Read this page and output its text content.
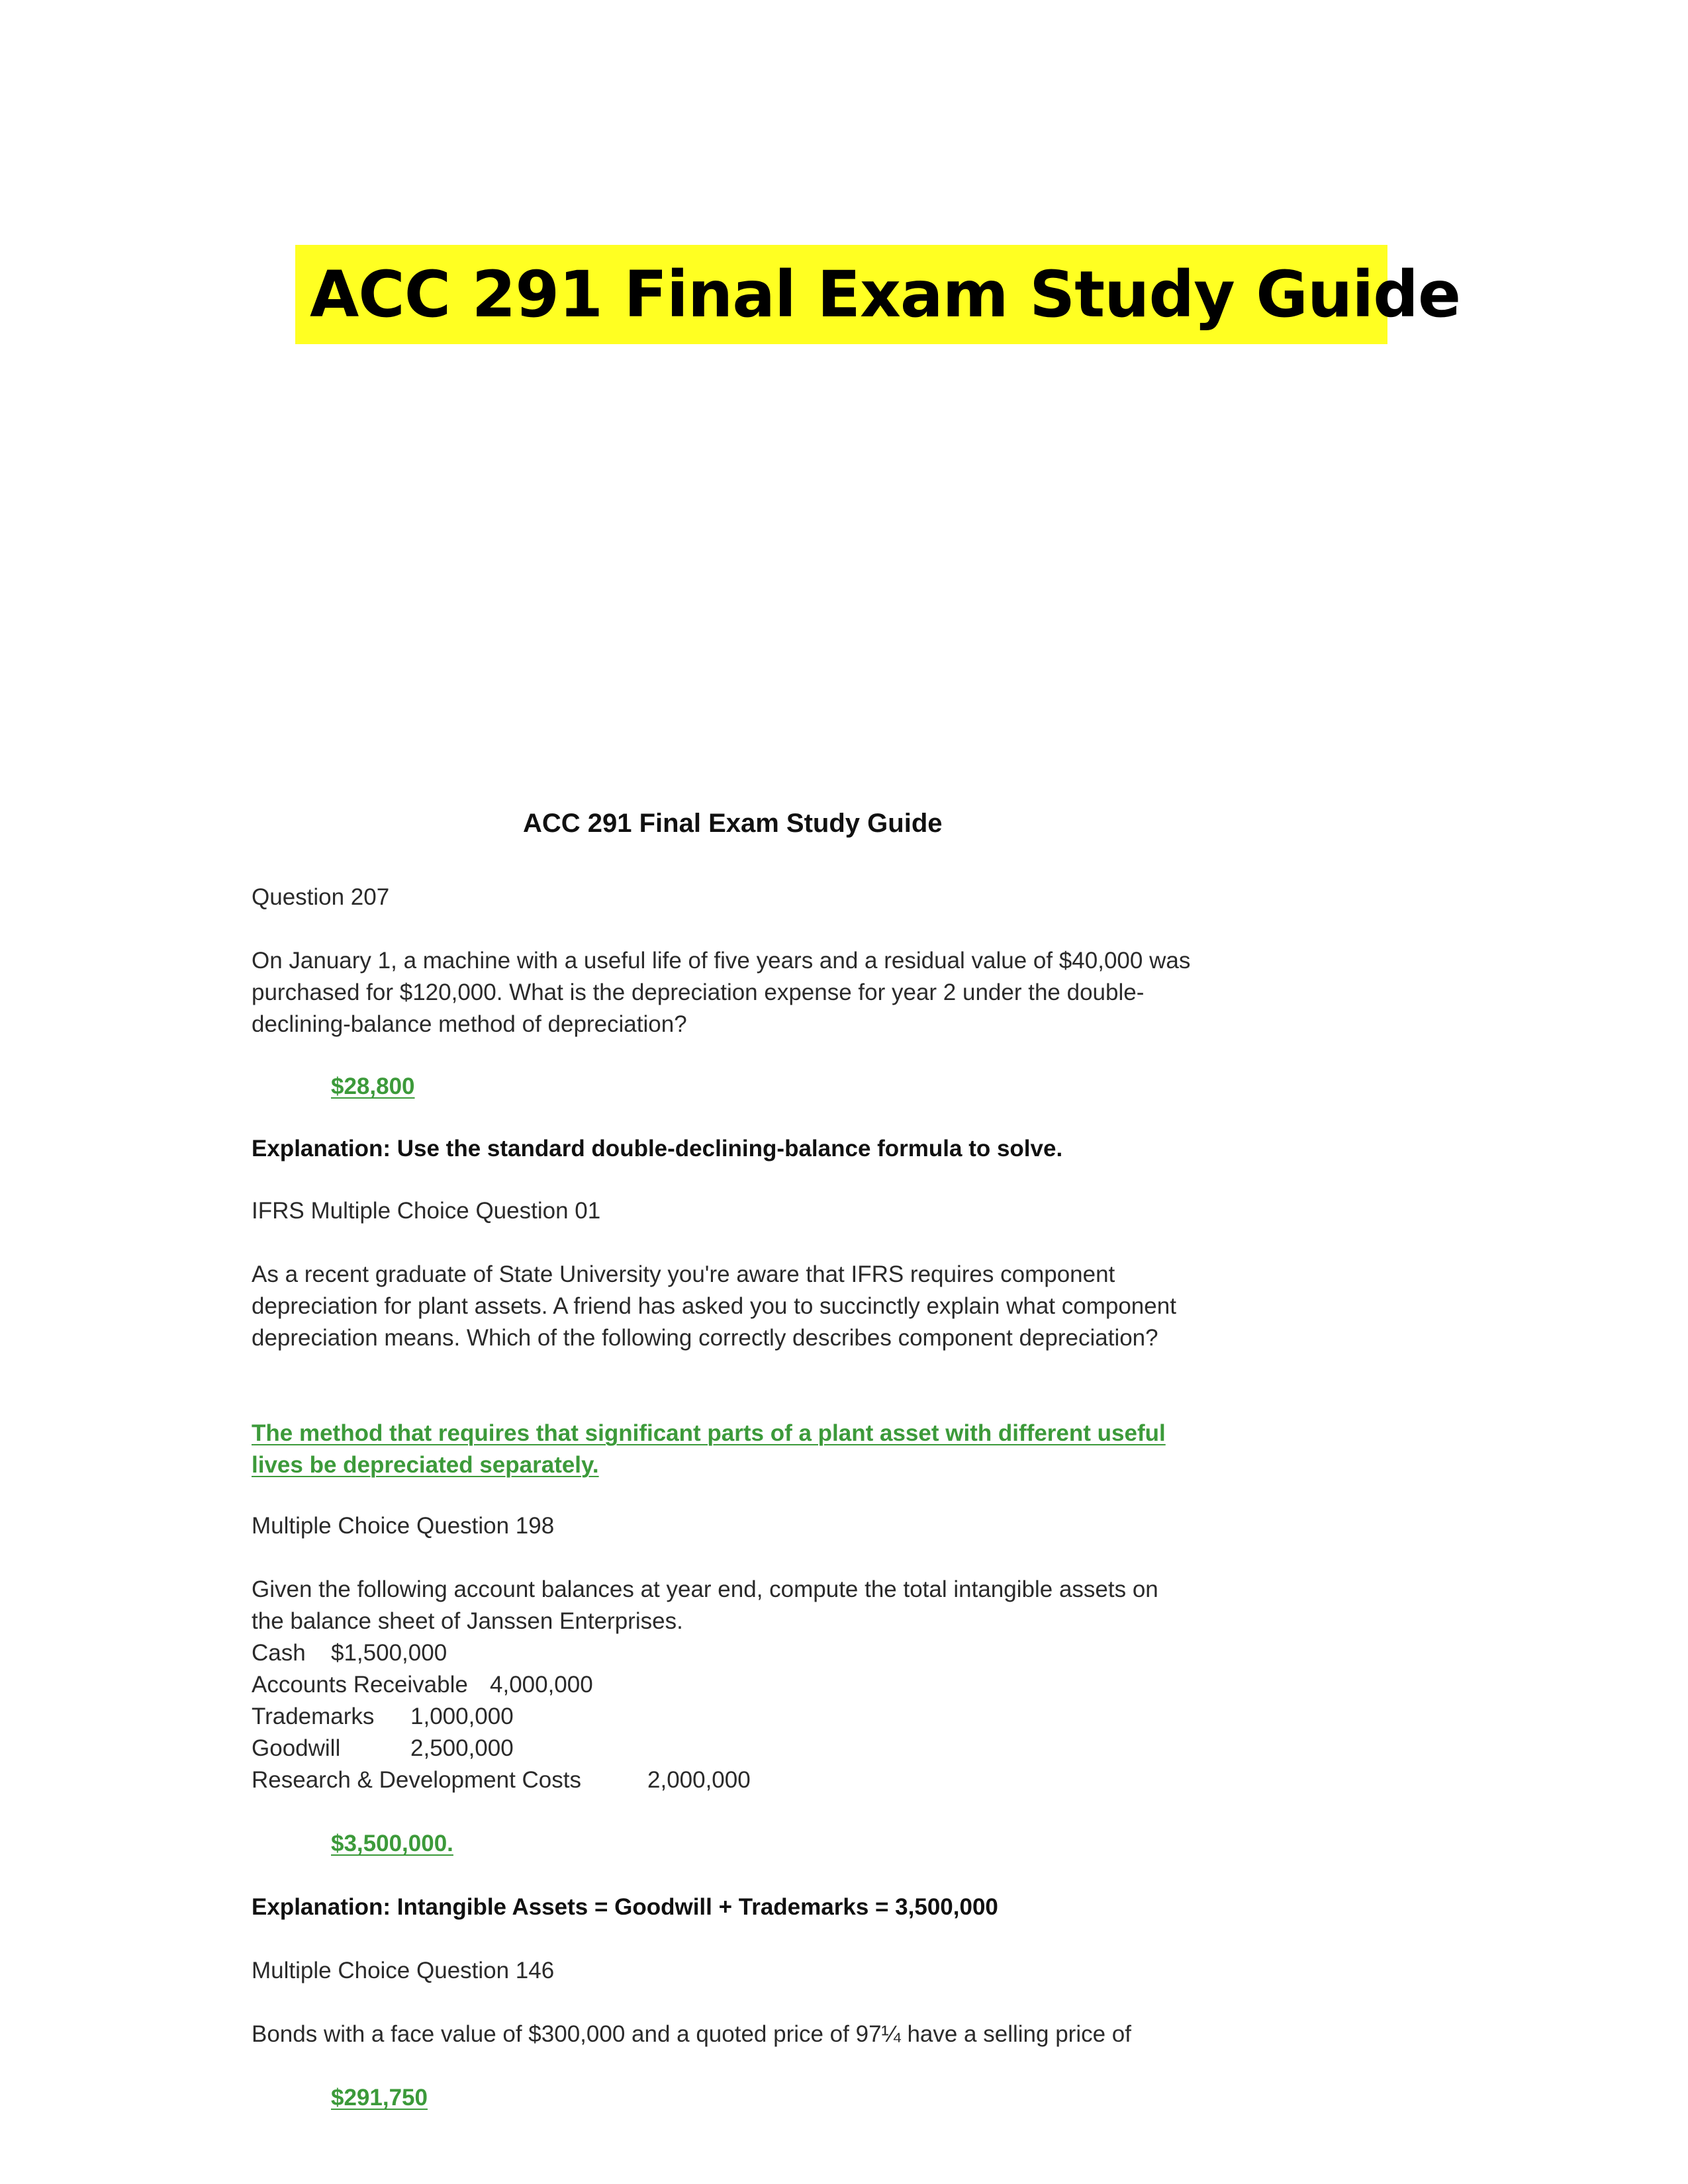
ACC 291 Final Exam Study Guide
ACC 291 Final Exam Study Guide
Question 207
On January 1, a machine with a useful life of five years and a residual value of $40,000 was purchased for $120,000. What is the depreciation expense for year 2 under the double-declining-balance method of depreciation?
$28,800
Explanation: Use the standard double-declining-balance formula to solve.
IFRS Multiple Choice Question 01
As a recent graduate of State University you're aware that IFRS requires component depreciation for plant assets. A friend has asked you to succinctly explain what component depreciation means. Which of the following correctly describes component depreciation?
The method that requires that significant parts of a plant asset with different useful lives be depreciated separately.
Multiple Choice Question 198
Given the following account balances at year end, compute the total intangible assets on the balance sheet of Janssen Enterprises.
Cash $1,500,000
Accounts Receivable 4,000,000
Trademarks 1,000,000
Goodwill	2,500,000
Research & Development Costs	2,000,000
$3,500,000.
Explanation: Intangible Assets = Goodwill + Trademarks = 3,500,000
Multiple Choice Question 146
Bonds with a face value of $300,000 and a quoted price of 97¼ have a selling price of
$291,750
